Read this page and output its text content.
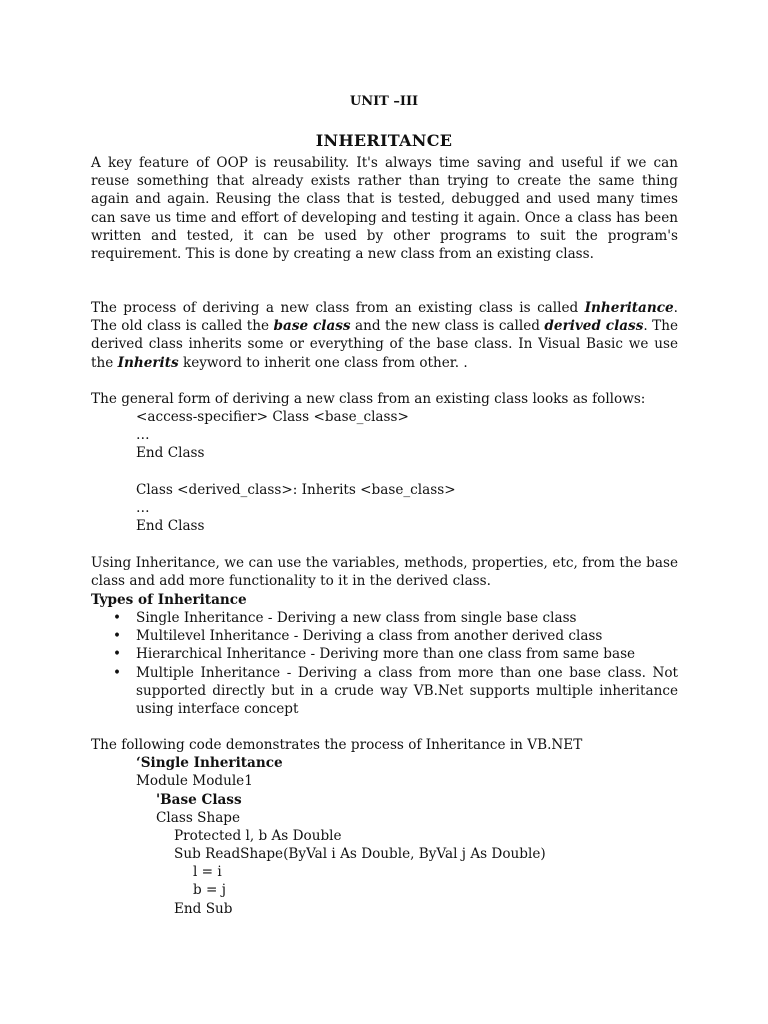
UNIT –III
INHERITANCE
A key feature of OOP is reusability. It's always time saving and useful if we can reuse something that already exists rather than trying to create the same thing again and again. Reusing the class that is tested, debugged and used many times can save us time and effort of developing and testing it again. Once a class has been written and tested, it can be used by other programs to suit the program's requirement. This is done by creating a new class from an existing class.
The process of deriving a new class from an existing class is called Inheritance. The old class is called the base class and the new class is called derived class. The derived class inherits some or everything of the base class. In Visual Basic we use the Inherits keyword to inherit one class from other. .
The general form of deriving a new class from an existing class looks as follows:
<access-specifier> Class <base_class>
…
End Class
Class <derived_class>: Inherits <base_class>
…
End Class
Using Inheritance, we can use the variables, methods, properties, etc, from the base class and add more functionality to it in the derived class.
Types of Inheritance
• Single Inheritance - Deriving a new class from single base class
• Multilevel Inheritance - Deriving a class from another derived class
• Hierarchical Inheritance - Deriving more than one class from same base
• Multiple Inheritance - Deriving a class from more than one base class. Not supported directly but in a crude way VB.Net supports multiple inheritance using interface concept
The following code demonstrates the process of Inheritance in VB.NET
‘Single Inheritance
Module Module1
'Base Class
Class Shape
Protected l, b As Double
Sub ReadShape(ByVal i As Double, ByVal j As Double)
l = i
b = j
End Sub
